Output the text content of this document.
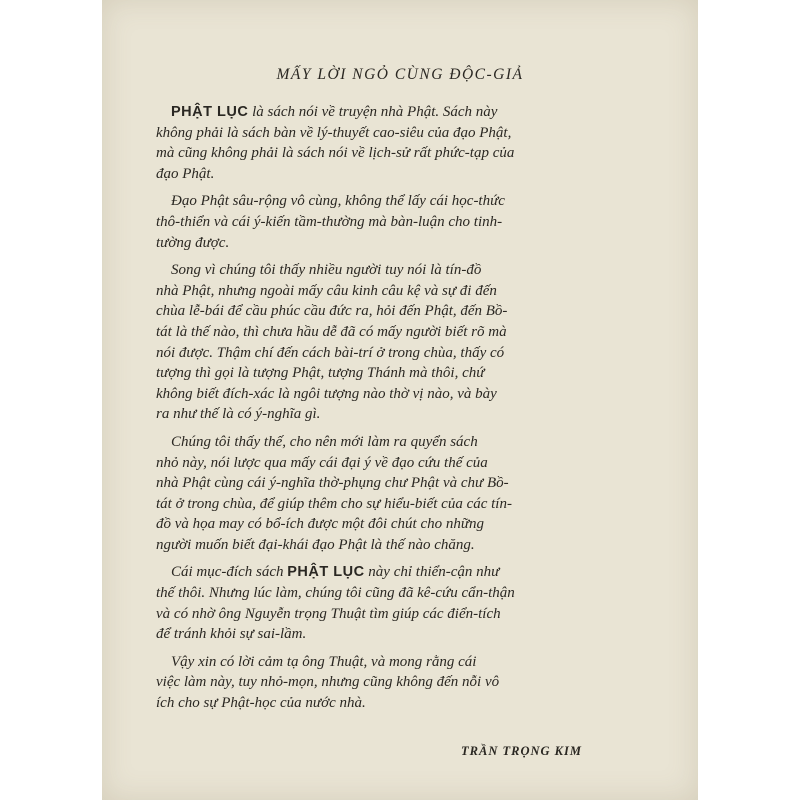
MẤY LỜI NGỎ CÙNG ĐỘC-GIẢ
PHẬT LỤC là sách nói về truyện nhà Phật. Sách này
không phải là sách bàn về lý-thuyết cao-siêu của đạo Phật,
mà cũng không phải là sách nói về lịch-sử rất phức-tạp của
đạo Phật.
Đạo Phật sâu-rộng vô cùng, không thể lấy cái học-thức
thô-thiển và cái ý-kiến tầm-thường mà bàn-luận cho tinh-
tường được.
Song vì chúng tôi thấy nhiều người tuy nói là tín-đồ
nhà Phật, nhưng ngoài mấy câu kinh câu kệ và sự đi đến
chùa lễ-bái để cầu phúc cầu đức ra, hỏi đến Phật, đến Bồ-
tát là thế nào, thì chưa hầu dễ đã có mấy người biết rõ mà
nói được. Thậm chí đến cách bài-trí ở trong chùa, thấy có
tượng thì gọi là tượng Phật, tượng Thánh mà thôi, chứ
không biết đích-xác là ngôi tượng nào thờ vị nào, và bày
ra như thế là có ý-nghĩa gì.
Chúng tôi thấy thế, cho nên mới làm ra quyển sách
nhỏ này, nói lược qua mấy cái đại ý về đạo cứu thế của
nhà Phật cùng cái ý-nghĩa thờ-phụng chư Phật và chư Bồ-
tát ở trong chùa, để giúp thêm cho sự hiểu-biết của các tín-
đồ và họa may có bổ-ích được một đôi chút cho những
người muốn biết đại-khái đạo Phật là thế nào chăng.
Cái mục-đích sách PHẬT LỤC này chỉ thiển-cận như
thế thôi. Nhưng lúc làm, chúng tôi cũng đã kê-cứu cẩn-thận
và có nhờ ông Nguyễn trọng Thuật tìm giúp các điển-tích
để tránh khỏi sự sai-lầm.
Vậy xin có lời cảm tạ ông Thuật, và mong rằng cái
việc làm này, tuy nhỏ-mọn, nhưng cũng không đến nỗi vô
ích cho sự Phật-học của nước nhà.
TRẦN TRỌNG KIM
